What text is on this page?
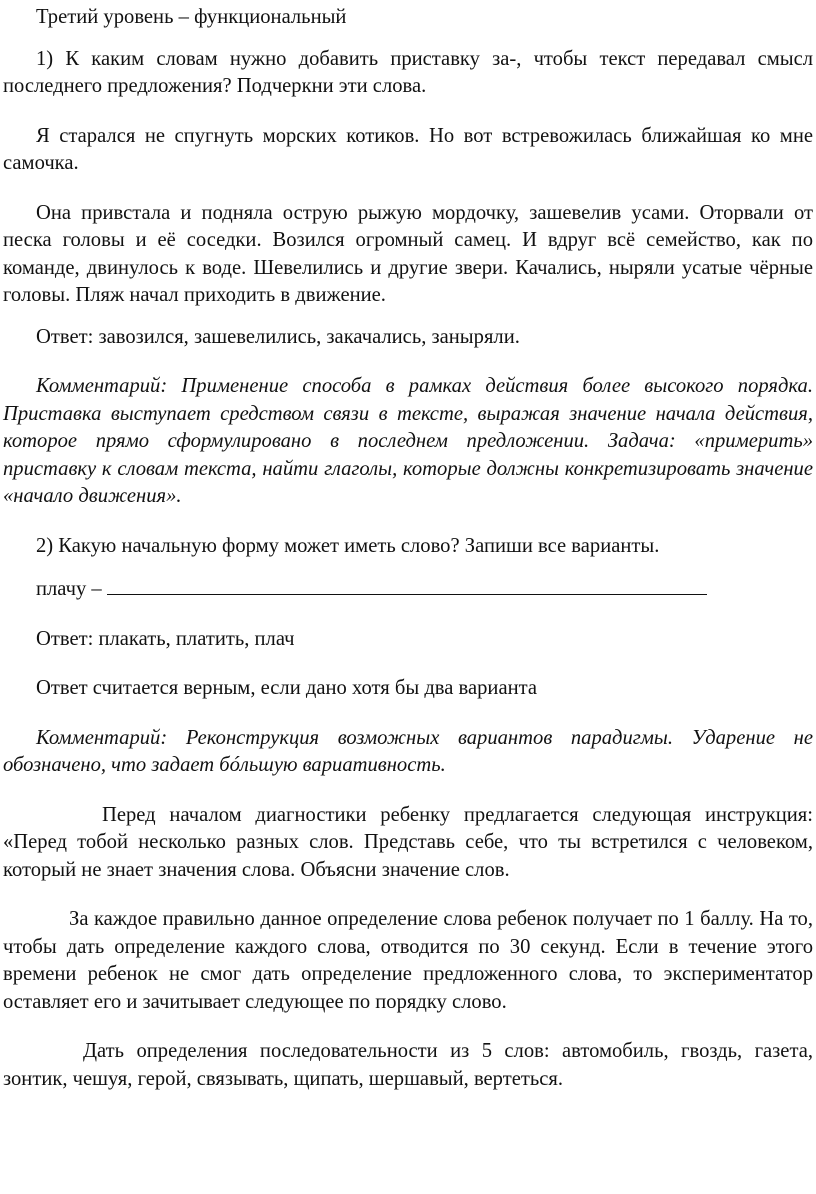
Третий уровень – функциональный

1) К каким словам нужно добавить приставку за-, чтобы текст передавал смысл последнего предложения? Подчеркни эти слова.

Я старался не спугнуть морских котиков. Но вот встревожилась ближайшая ко мне самочка.

Она привстала и подняла острую рыжую мордочку, зашевелив усами. Оторвали от песка головы и её соседки. Возился огромный самец. И вдруг всё семейство, как по команде, двинулось к воде. Шевелились и другие звери. Качались, ныряли усатые чёрные головы. Пляж начал приходить в движение.

Ответ: завозился, зашевелились, закачались, заныряли.

Комментарий: Применение способа в рамках действия более высокого порядка. Приставка выступает средством связи в тексте, выражая значение начала действия, которое прямо сформулировано в последнем предложении. Задача: «примерить» приставку к словам текста, найти глаголы, которые должны конкретизировать значение «начало движения».

2) Какую начальную форму может иметь слово? Запиши все варианты.

плачу –

Ответ: плакать, платить, плач

Ответ считается верным, если дано хотя бы два варианта

Комментарий: Реконструкция возможных вариантов парадигмы. Ударение не обозначено, что задает бóльшую вариативность.

Перед началом диагностики ребенку предлагается следующая инструкция: «Перед тобой несколько разных слов. Представь себе, что ты встретился с человеком, который не знает значения слова. Объясни значение слов.

За каждое правильно данное определение слова ребенок получает по 1 баллу. На то, чтобы дать определение каждого слова, отводится по 30 секунд. Если в течение этого времени ребенок не смог дать определение предложенного слова, то экспериментатор оставляет его и зачитывает следующее по порядку слово.

Дать определения последовательности из 5 слов: автомобиль, гвоздь, газета, зонтик, чешуя, герой, связывать, щипать, шершавый, вертеться.
